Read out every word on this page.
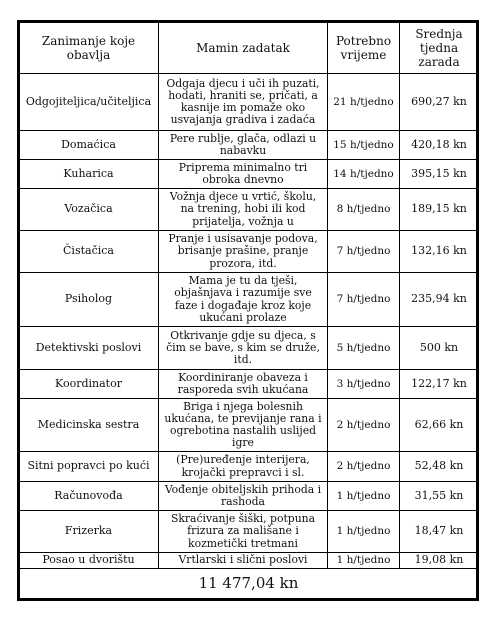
Zanimanje koje obavlja	Mamin zadatak	Potrebno vrijeme	Srednja tjedna zarada
Odgojiteljica/učiteljica	Odgaja djecu i uči ih puzati, hodati, hraniti se, pričati, a kasnije im pomaže oko usvajanja gradiva i zadaća	21 h/tjedno	690,27 kn
Domaćica	Pere rublje, glača, odlazi u nabavku	15 h/tjedno	420,18 kn
Kuharica	Priprema minimalno tri obroka dnevno	14 h/tjedno	395,15 kn
Vozačica	Vožnja djece u vrtić, školu, na trening, hobi ili kod prijatelja, vožnja u	8 h/tjedno	189,15 kn
Čistačica	Pranje i usisavanje podova, brisanje prašine, pranje prozora, itd.	7 h/tjedno	132,16 kn
Psiholog	Mama je tu da tješi, objašnjava i razumije sve faze i događaje kroz koje ukućani prolaze	7 h/tjedno	235,94 kn
Detektivski poslovi	Otkrivanje gdje su djeca, s čim se bave, s kim se druže, itd.	5 h/tjedno	500 kn
Koordinator	Koordiniranje obaveza i rasporeda svih ukućana	3 h/tjedno	122,17 kn
Medicinska sestra	Briga i njega bolesnih ukućana, te previjanje rana i ogrebotina nastalih uslijed igre	2 h/tjedno	62,66 kn
Sitni popravci po kući	(Pre)uređenje interijera, krojački prepravci i sl.	2 h/tjedno	52,48 kn
Računovođa	Vođenje obiteljskih prihoda i rashoda	1 h/tjedno	31,55 kn
Frizerka	Skraćivanje šiški, potpuna frizura za mališane i kozmetički tretmani	1 h/tjedno	18,47 kn
Posao u dvorištu	Vrtlarski i slični poslovi	1 h/tjedno	19,08 kn
11 477,04 kn			
